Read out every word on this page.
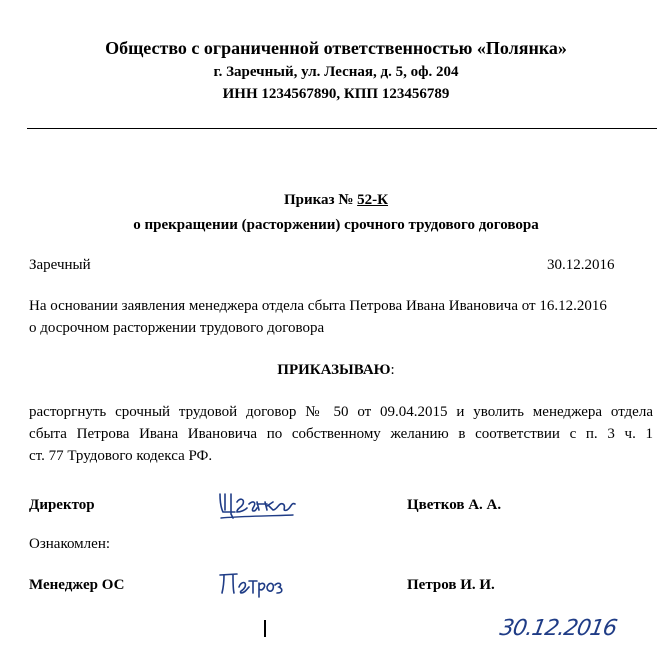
Общество с ограниченной ответственностью «Полянка»
г. Заречный, ул. Лесная, д. 5, оф. 204
ИНН 1234567890, КПП 123456789
Приказ № 52-К
о прекращении (расторжении) срочного трудового договора
Заречный	30.12.2016
На основании заявления менеджера отдела сбыта Петрова Ивана Ивановича от 16.12.2016
о досрочном расторжении трудового договора
ПРИКАЗЫВАЮ:
расторгнуть срочный трудовой договор № 50 от 09.04.2015 и уволить менеджера отдела
сбыта Петрова Ивана Ивановича по собственному желанию в соответствии с п. 3 ч. 1
ст. 77 Трудового кодекса РФ.
Директор	Цветков А. А.
Ознакомлен:
Менеджер ОС	Петров И. И.
30.12.2016
